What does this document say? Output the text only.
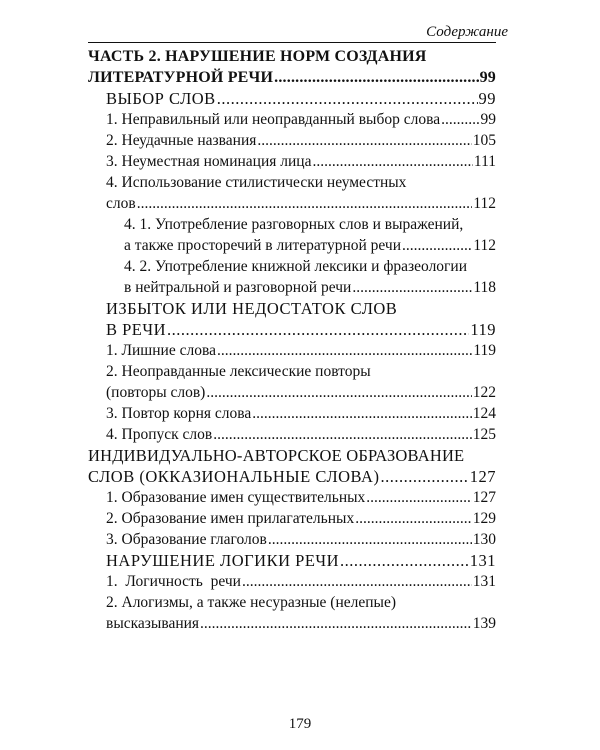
Содержание
ЧАСТЬ 2. НАРУШЕНИЕ НОРМ СОЗДАНИЯ
ЛИТЕРАТУРНОЙ РЕЧИ .....	99
ВЫБОР СЛОВ .....	99
1. Неправильный или неоправданный выбор слова .....	99
2. Неудачные названия .....	105
3. Неуместная номинация лица .....	111
4. Использование стилистически неуместных
слов .....	112
4. 1. Употребление разговорных слов и выражений,
а также просторечий в литературной речи .....	112
4. 2. Употребление книжной лексики и фразеологии
в нейтральной и разговорной речи .....	118
ИЗБЫТОК ИЛИ НЕДОСТАТОК СЛОВ
В РЕЧИ .....	119
1. Лишние слова .....	119
2. Неоправданные лексические повторы
(повторы слов) .....	122
3. Повтор корня слова .....	124
4. Пропуск слов .....	125
ИНДИВИДУАЛЬНО-АВТОРСКОЕ ОБРАЗОВАНИЕ
СЛОВ (ОККАЗИОНАЛЬНЫЕ СЛОВА) .....	127
1. Образование имен существительных .....	127
2. Образование имен прилагательных .....	129
3. Образование глаголов .....	130
НАРУШЕНИЕ ЛОГИКИ РЕЧИ .....	131
1.  Логичность  речи .....	131
2. Алогизмы, а также несуразные (нелепые)
высказывания .....	139
179
